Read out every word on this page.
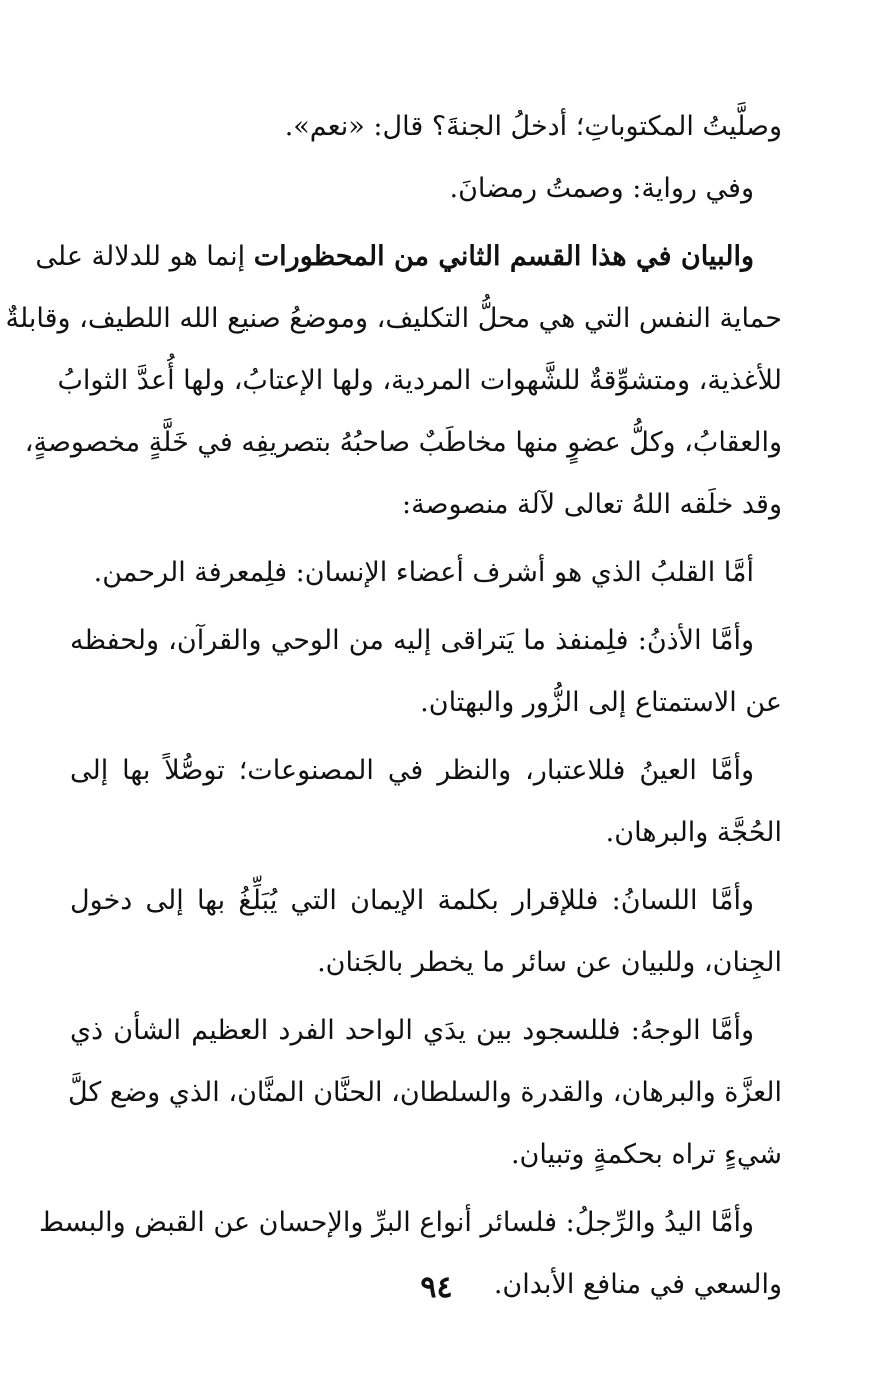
وصلَّيتُ المكتوباتِ؛ أدخلُ الجنةَ؟ قال: «نعم».
وفي رواية: وصمتُ رمضانَ.
والبيان في هذا القسم الثاني من المحظورات إنما هو للدلالة على
حماية النفس التي هي محلُّ التكليف، وموضعُ صنيع الله اللطيف، وقابلةٌ
للأغذية، ومتشوِّقةٌ للشَّهوات المردية، ولها الإعتابُ، ولها أُعدَّ الثوابُ
والعقابُ، وكلُّ عضوٍ منها مخاطَبٌ صاحبُهُ بتصريفِه في خَلَّةٍ مخصوصةٍ،
وقد خلَقه اللهُ تعالى لآلة منصوصة:
أمَّا القلبُ الذي هو أشرف أعضاء الإنسان: فلِمعرفة الرحمن.
وأمَّا الأذنُ: فلِمنفذ ما يَتراقى إليه من الوحي والقرآن، ولحفظه
عن الاستمتاع إلى الزُّور والبهتان.
وأمَّا العينُ فللاعتبار، والنظر في المصنوعات؛ توصُّلاً بها إلى
الحُجَّة والبرهان.
وأمَّا اللسانُ: فللإقرار بكلمة الإيمان التي يُبَلِّغُ بها إلى دخول
الجِنان، وللبيان عن سائر ما يخطر بالجَنان.
وأمَّا الوجهُ: فللسجود بين يدَي الواحد الفرد العظيم الشأن ذي
العزَّة والبرهان، والقدرة والسلطان، الحنَّان المنَّان، الذي وضع كلَّ
شيءٍ تراه بحكمةٍ وتبيان.
وأمَّا اليدُ والرِّجلُ: فلسائر أنواع البرِّ والإحسان عن القبض والبسط
والسعي في منافع الأبدان.
٩٤
